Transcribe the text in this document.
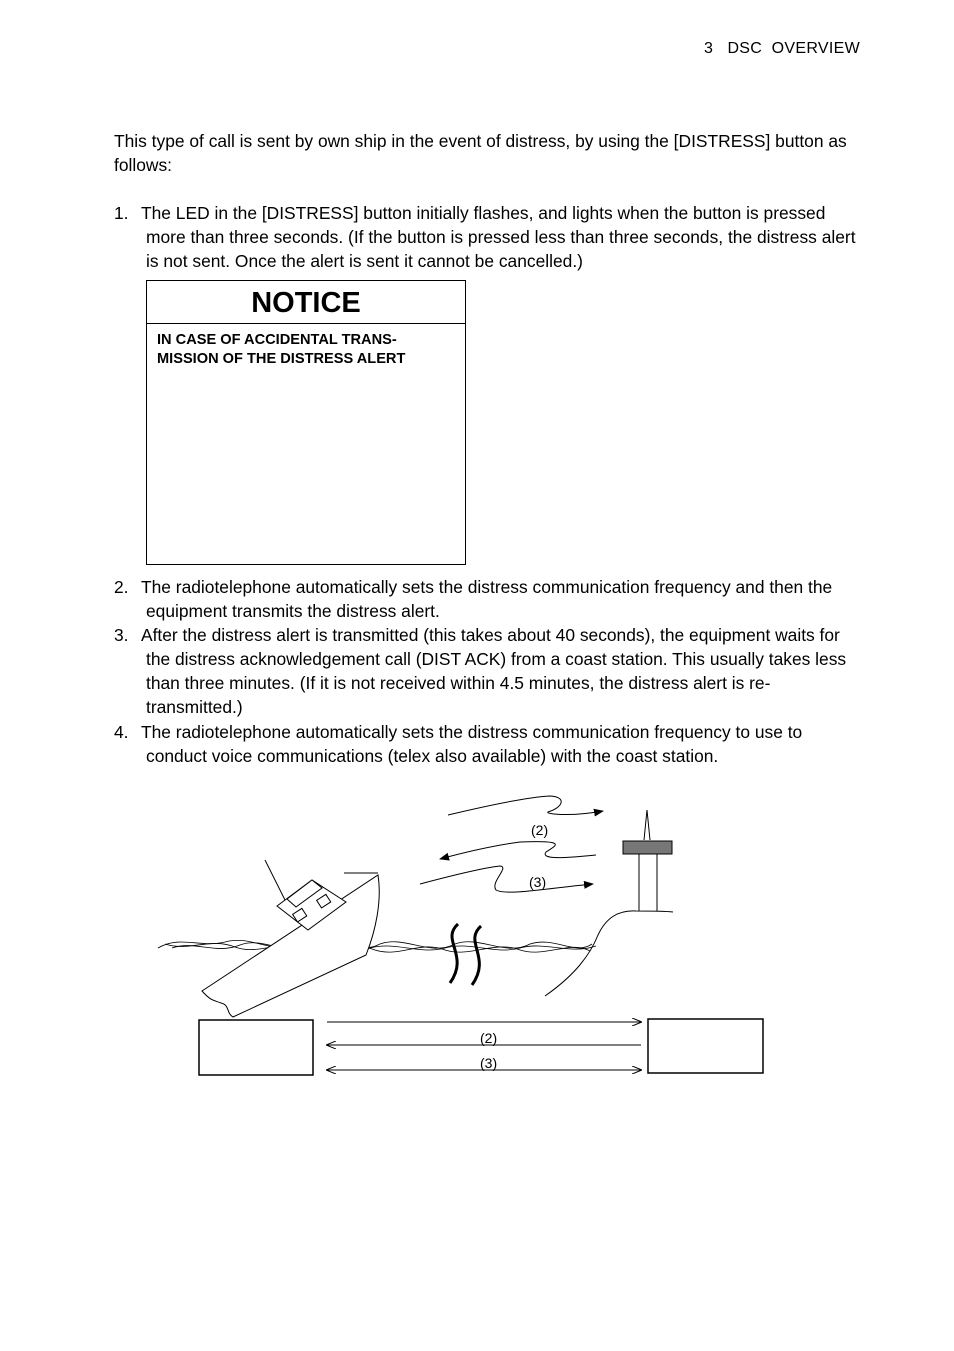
3 DSC  OVERVIEW
This type of call is sent by own ship in the event of distress, by using the [DISTRESS] button as follows:
1. The LED in the [DISTRESS] button initially flashes, and lights when the button is pressed more than three seconds. (If the button is pressed less than three seconds, the distress alert is not sent. Once the alert is sent it cannot be cancelled.)
NOTICE
IN CASE OF ACCIDENTAL TRANS-
MISSION OF THE DISTRESS ALERT
2. The radiotelephone automatically sets the distress communication frequency and then the equipment transmits the distress alert.
3. After the distress alert is transmitted (this takes about 40 seconds), the equipment waits for the distress acknowledgement call (DIST ACK) from a coast station. This usually takes less than three minutes. (If it is not received within 4.5 minutes, the distress alert is re-transmitted.)
4. The radiotelephone automatically sets the distress communication frequency to use to conduct voice communications (telex also available) with the coast station.
(2)
(3)
(2)
(3)
